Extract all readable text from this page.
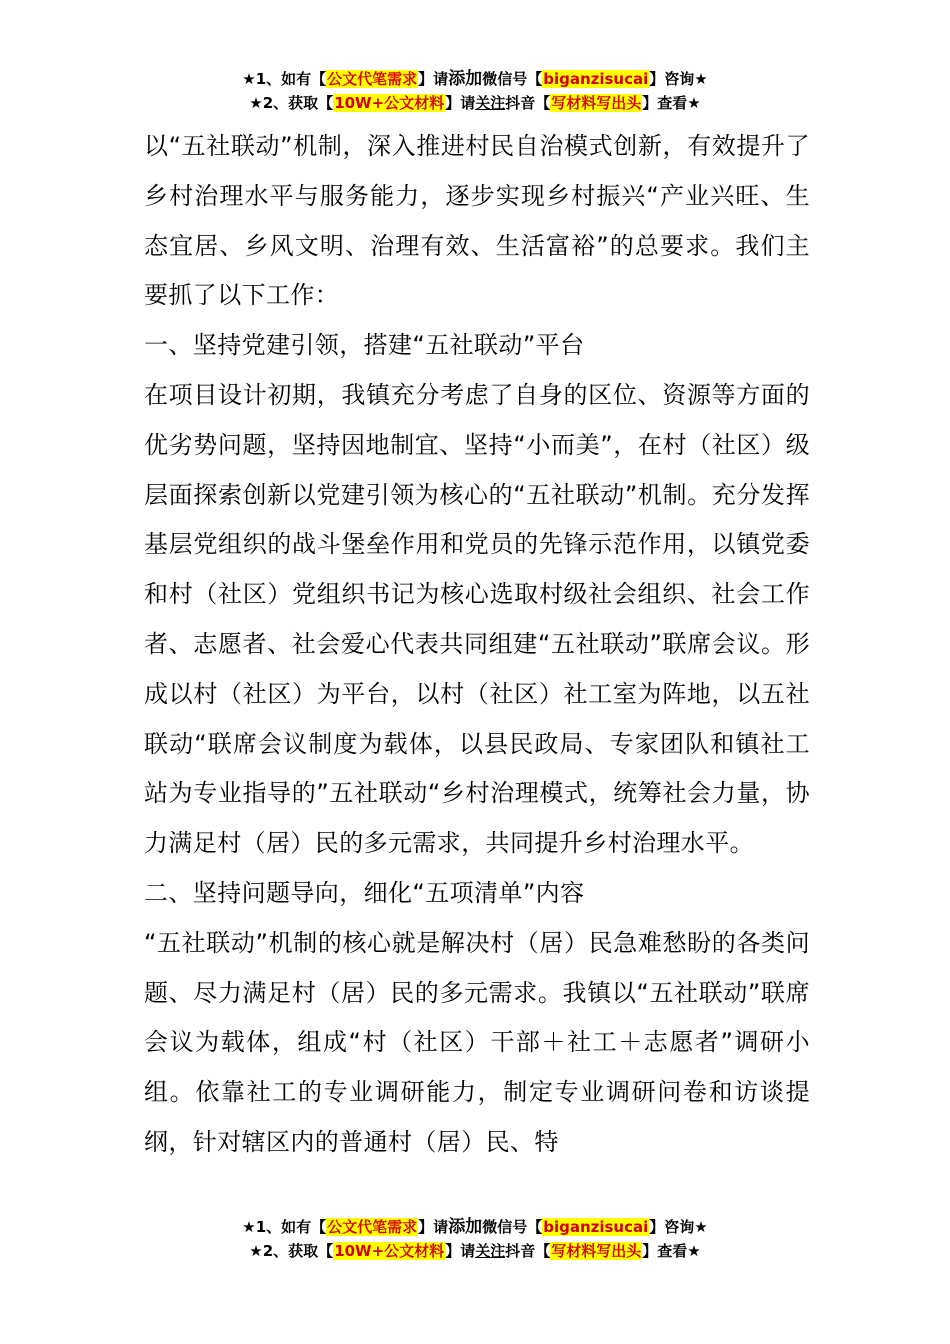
★1、如有【公文代笔需求】请添加微信号【biganzisucai】咨询★
★2、获取【10W+公文材料】请关注抖音【写材料写出头】查看★

以“五社联动”机制，深入推进村民自治模式创新，有效提升了乡村治理水平与服务能力，逐步实现乡村振兴“产业兴旺、生态宜居、乡风文明、治理有效、生活富裕”的总要求。我们主要抓了以下工作：

一、坚持党建引领，搭建“五社联动”平台

在项目设计初期，我镇充分考虑了自身的区位、资源等方面的优劣势问题，坚持因地制宜、坚持“小而美”，在村（社区）级层面探索创新以党建引领为核心的“五社联动”机制。充分发挥基层党组织的战斗堡垒作用和党员的先锋示范作用，以镇党委和村（社区）党组织书记为核心选取村级社会组织、社会工作者、志愿者、社会爱心代表共同组建“五社联动”联席会议。形成以村（社区）为平台，以村（社区）社工室为阵地，以五社联动“联席会议制度为载体，以县民政局、专家团队和镇社工站为专业指导的”五社联动“乡村治理模式，统筹社会力量，协力满足村（居）民的多元需求，共同提升乡村治理水平。

二、坚持问题导向，细化“五项清单”内容

“五社联动”机制的核心就是解决村（居）民急难愁盼的各类问题、尽力满足村（居）民的多元需求。我镇以“五社联动”联席会议为载体，组成“村（社区）干部＋社工＋志愿者”调研小组。依靠社工的专业调研能力，制定专业调研问卷和访谈提纲，针对辖区内的普通村（居）民、特

★1、如有【公文代笔需求】请添加微信号【biganzisucai】咨询★
★2、获取【10W+公文材料】请关注抖音【写材料写出头】查看★
